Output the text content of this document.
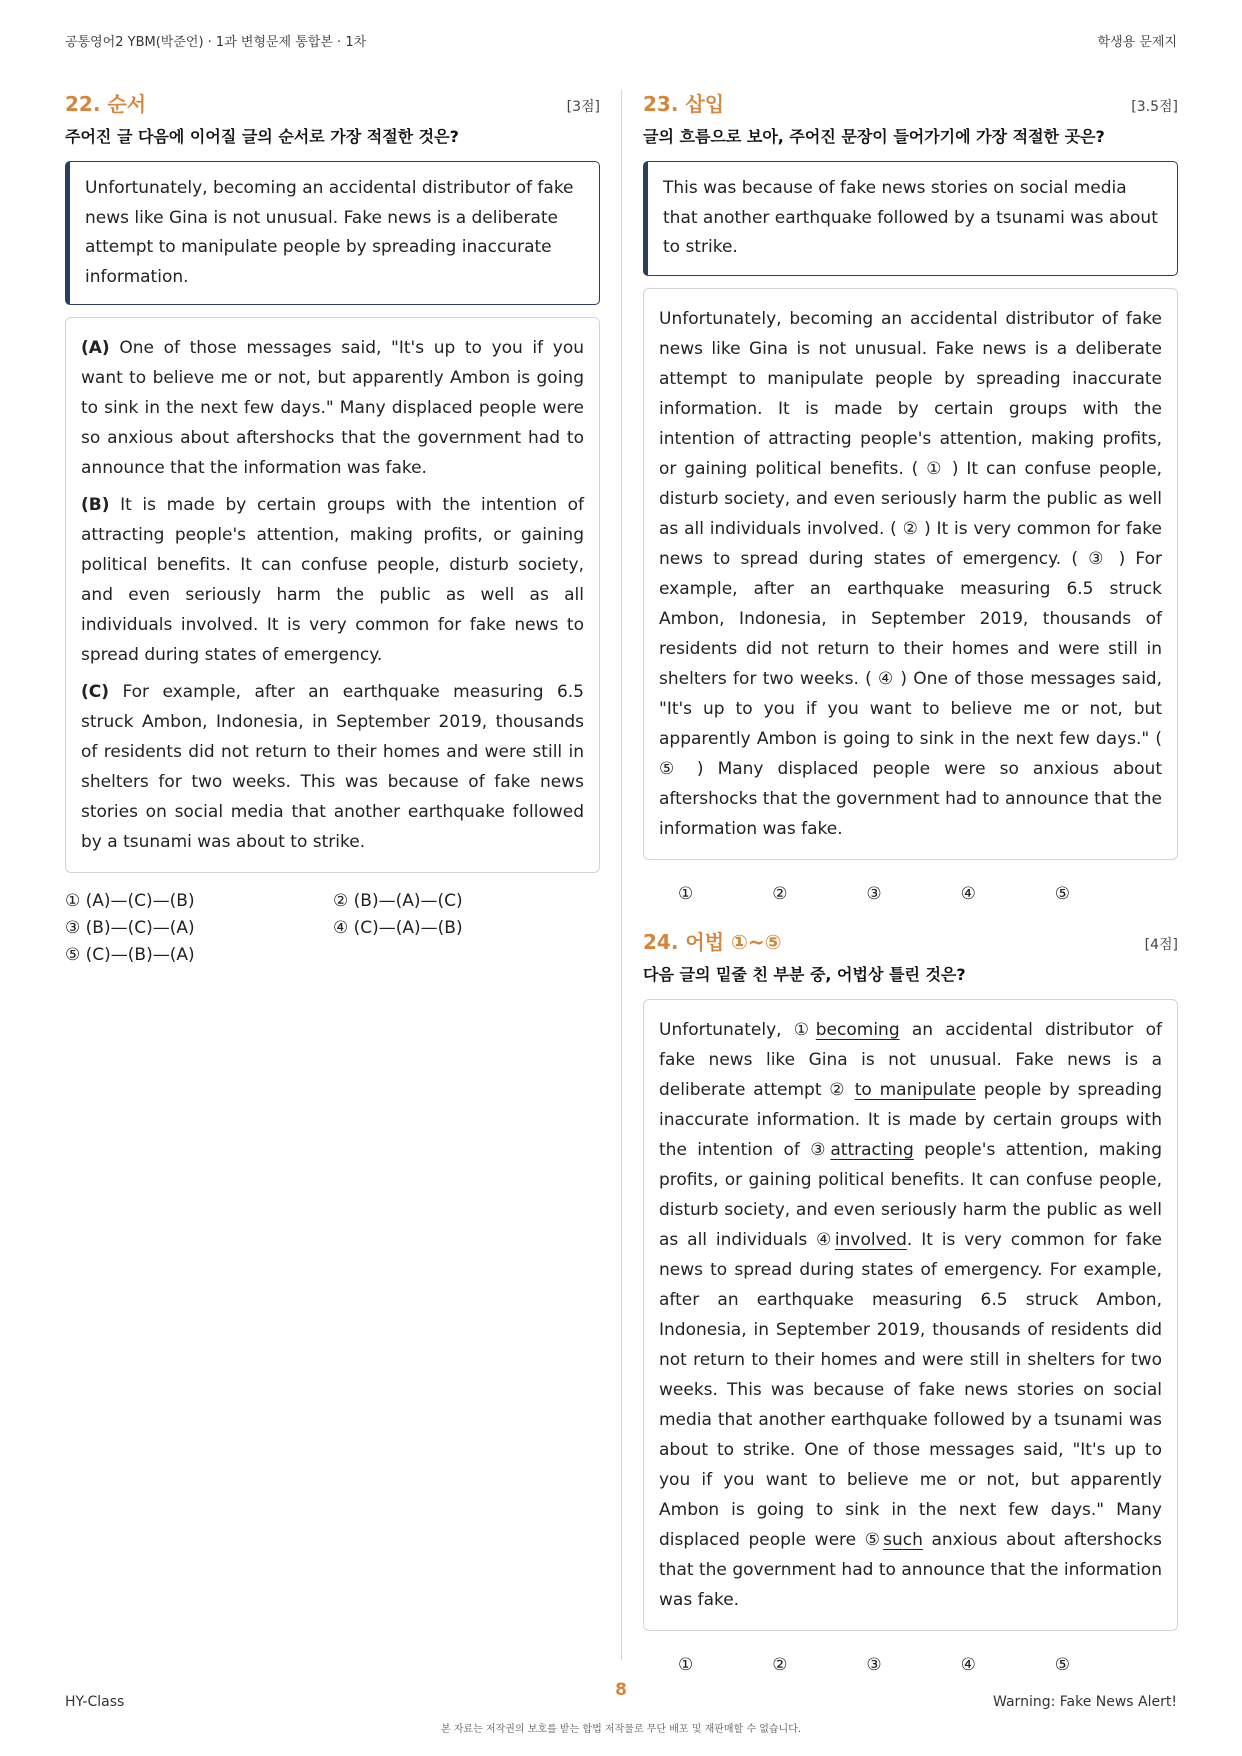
공통영어2 YBM(박준언) · 1과 변형문제 통합본 · 1차	학생용 문제지
22. 순서	[3점]
주어진 글 다음에 이어질 글의 순서로 가장 적절한 것은?
Unfortunately, becoming an accidental distributor of fake news like Gina is not unusual. Fake news is a deliberate attempt to manipulate people by spreading inaccurate information.

(A) One of those messages said, "It's up to you if you want to believe me or not, but apparently Ambon is going to sink in the next few days." Many displaced people were so anxious about aftershocks that the government had to announce that the information was fake.

(B) It is made by certain groups with the intention of attracting people's attention, making profits, or gaining political benefits. It can confuse people, disturb society, and even seriously harm the public as well as all individuals involved. It is very common for fake news to spread during states of emergency.

(C) For example, after an earthquake measuring 6.5 struck Ambon, Indonesia, in September 2019, thousands of residents did not return to their homes and were still in shelters for two weeks. This was because of fake news stories on social media that another earthquake followed by a tsunami was about to strike.

① (A)—(C)—(B)	② (B)—(A)—(C)
③ (B)—(C)—(A)	④ (C)—(A)—(B)
⑤ (C)—(B)—(A)
23. 삽입	[3.5점]
글의 흐름으로 보아, 주어진 문장이 들어가기에 가장 적절한 곳은?
This was because of fake news stories on social media that another earthquake followed by a tsunami was about to strike.
Unfortunately, becoming an accidental distributor of fake news like Gina is not unusual. Fake news is a deliberate attempt to manipulate people by spreading inaccurate information. It is made by certain groups with the intention of attracting people's attention, making profits, or gaining political benefits. ( ① ) It can confuse people, disturb society, and even seriously harm the public as well as all individuals involved. ( ② ) It is very common for fake news to spread during states of emergency. ( ③ ) For example, after an earthquake measuring 6.5 struck Ambon, Indonesia, in September 2019, thousands of residents did not return to their homes and were still in shelters for two weeks. ( ④ ) One of those messages said, "It's up to you if you want to believe me or not, but apparently Ambon is going to sink in the next few days." ( ⑤ ) Many displaced people were so anxious about aftershocks that the government had to announce that the information was fake.
①	②	③	④	⑤
24. 어법 ①~⑤	[4점]
다음 글의 밑줄 친 부분 중, 어법상 틀린 것은?
Unfortunately, ①becoming an accidental distributor of fake news like Gina is not unusual. Fake news is a deliberate attempt ② to manipulate people by spreading inaccurate information. It is made by certain groups with the intention of ③attracting people's attention, making profits, or gaining political benefits. It can confuse people, disturb society, and even seriously harm the public as well as all individuals ④involved. It is very common for fake news to spread during states of emergency. For example, after an earthquake measuring 6.5 struck Ambon, Indonesia, in September 2019, thousands of residents did not return to their homes and were still in shelters for two weeks. This was because of fake news stories on social media that another earthquake followed by a tsunami was about to strike. One of those messages said, "It's up to you if you want to believe me or not, but apparently Ambon is going to sink in the next few days." Many displaced people were ⑤such anxious about aftershocks that the government had to announce that the information was fake.
①	②	③	④	⑤
8
HY-Class	Warning: Fake News Alert!
본 자료는 저작권의 보호를 받는 합법 저작물로 무단 배포 및 재판매할 수 없습니다.
